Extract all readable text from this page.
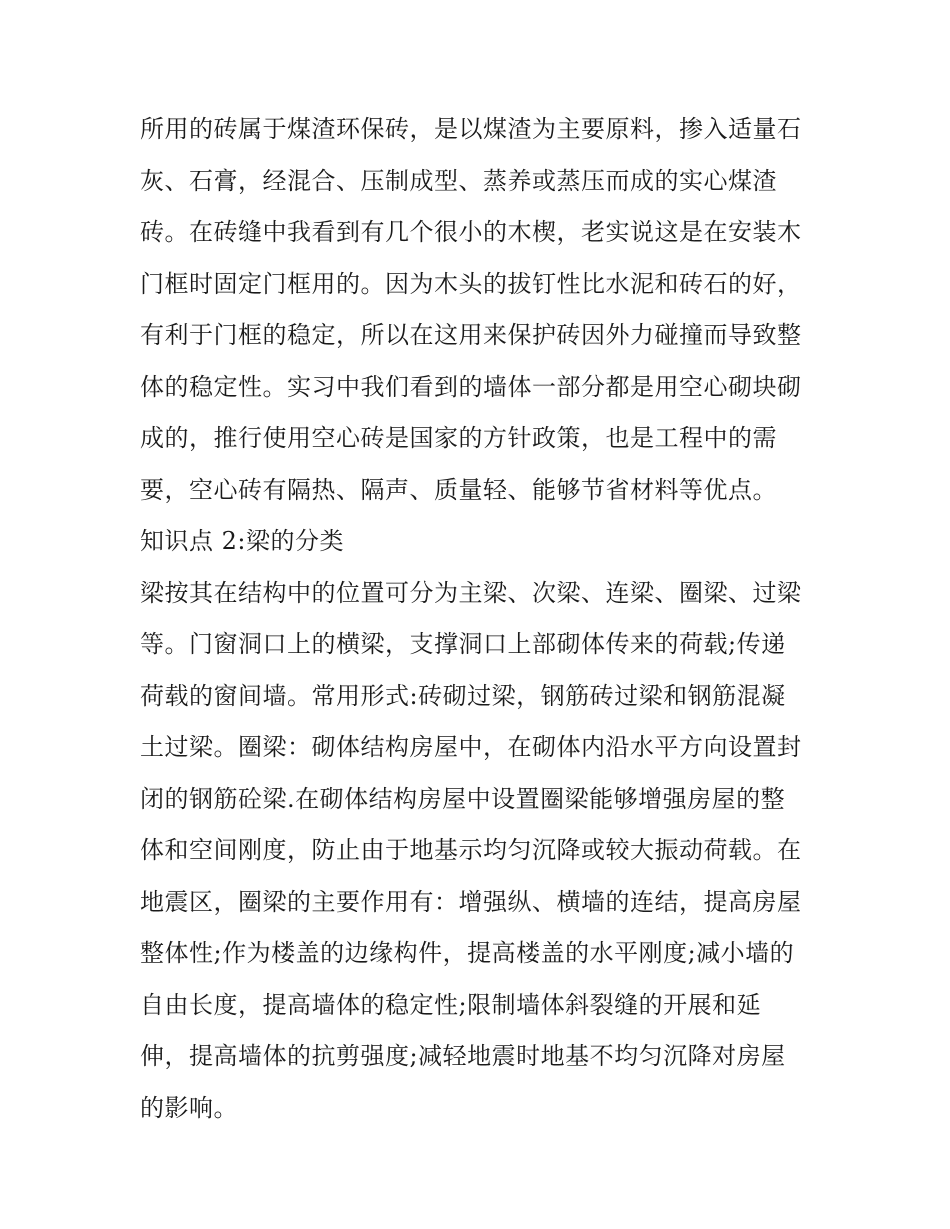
所用的砖属于煤渣环保砖，是以煤渣为主要原料，掺入适量石
灰、石膏，经混合、压制成型、蒸养或蒸压而成的实心煤渣
砖。在砖缝中我看到有几个很小的木楔，老实说这是在安装木
门框时固定门框用的。因为木头的拔钉性比水泥和砖石的好，
有利于门框的稳定，所以在这用来保护砖因外力碰撞而导致整
体的稳定性。实习中我们看到的墙体一部分都是用空心砌块砌
成的，推行使用空心砖是国家的方针政策，也是工程中的需
要，空心砖有隔热、隔声、质量轻、能够节省材料等优点。
知识点 2:梁的分类
梁按其在结构中的位置可分为主梁、次梁、连梁、圈梁、过梁
等。门窗洞口上的横梁，支撑洞口上部砌体传来的荷载;传递
荷载的窗间墙。常用形式:砖砌过梁，钢筋砖过梁和钢筋混凝
土过梁。圈梁：砌体结构房屋中，在砌体内沿水平方向设置封
闭的钢筋砼梁.在砌体结构房屋中设置圈梁能够增强房屋的整
体和空间刚度，防止由于地基示均匀沉降或较大振动荷载。在
地震区，圈梁的主要作用有：增强纵、横墙的连结，提高房屋
整体性;作为楼盖的边缘构件，提高楼盖的水平刚度;减小墙的
自由长度，提高墙体的稳定性;限制墙体斜裂缝的开展和延
伸，提高墙体的抗剪强度;减轻地震时地基不均匀沉降对房屋
的影响。
